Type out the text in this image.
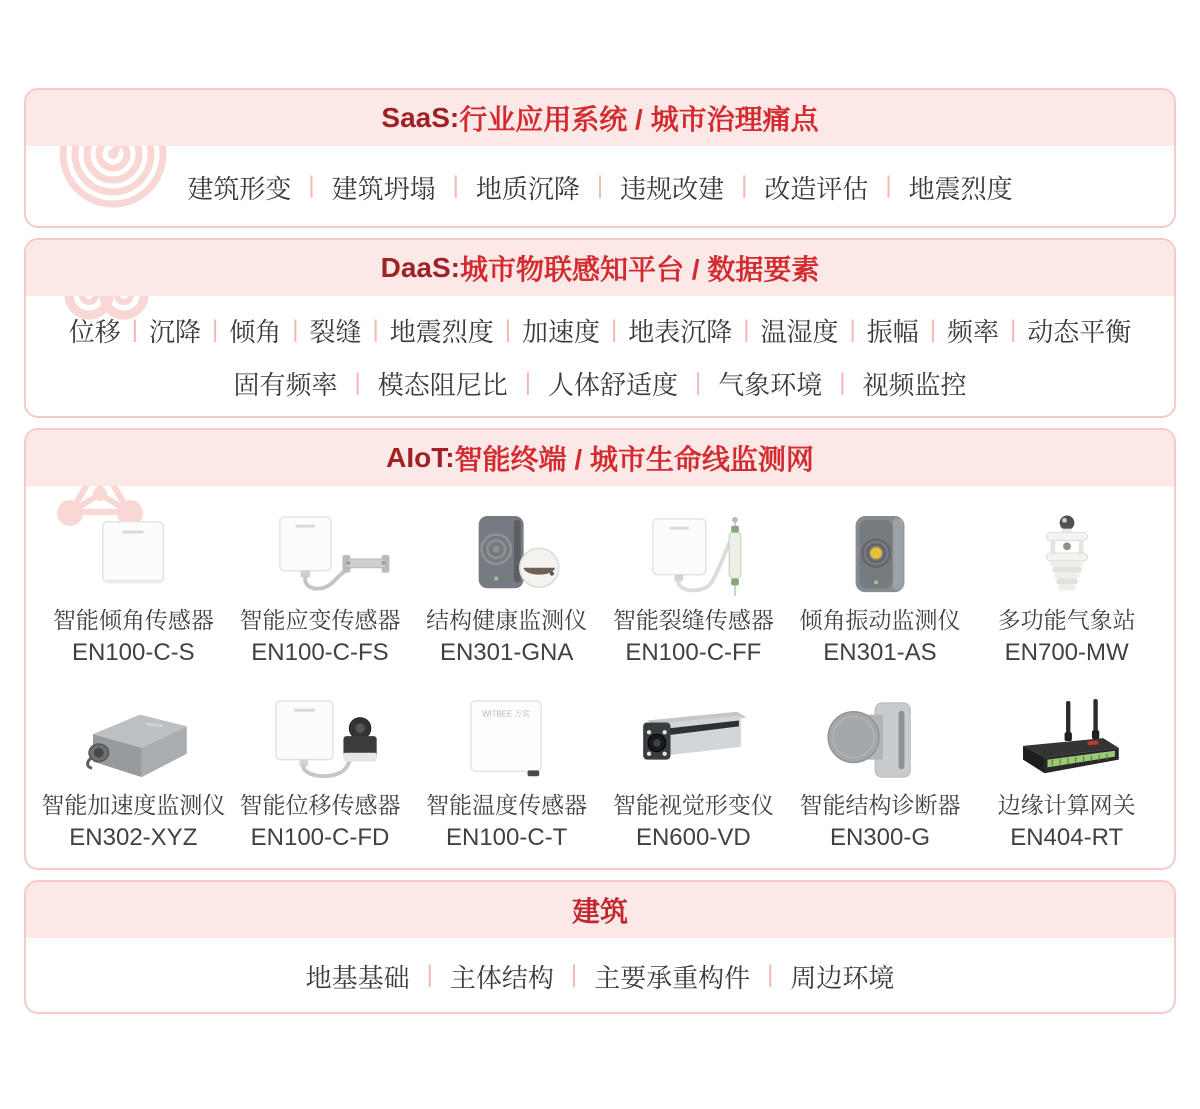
SaaS: 行业应用系统 / 城市治理痛点
建筑形变 | 建筑坍塌 | 地质沉降 | 违规改建 | 改造评估 | 地震烈度
DaaS: 城市物联感知平台 / 数据要素
位移 | 沉降 | 倾角 | 裂缝 | 地震烈度 | 加速度 | 地表沉降 | 温湿度 | 振幅 | 频率 | 动态平衡
固有频率 | 模态阻尼比 | 人体舒适度 | 气象环境 | 视频监控
AIoT: 智能终端 / 城市生命线监测网
智能倾角传感器
EN100-C-S
智能应变传感器
EN100-C-FS
结构健康监测仪
EN301-GNA
智能裂缝传感器
EN100-C-FF
倾角振动监测仪
EN301-AS
多功能气象站
EN700-MW
智能加速度监测仪
EN302-XYZ
智能位移传感器
EN100-C-FD
WITBEE 万宾
智能温度传感器
EN100-C-T
智能视觉形变仪
EN600-VD
智能结构诊断器
EN300-G
边缘计算网关
EN404-RT
建筑
地基基础 | 主体结构 | 主要承重构件 | 周边环境
